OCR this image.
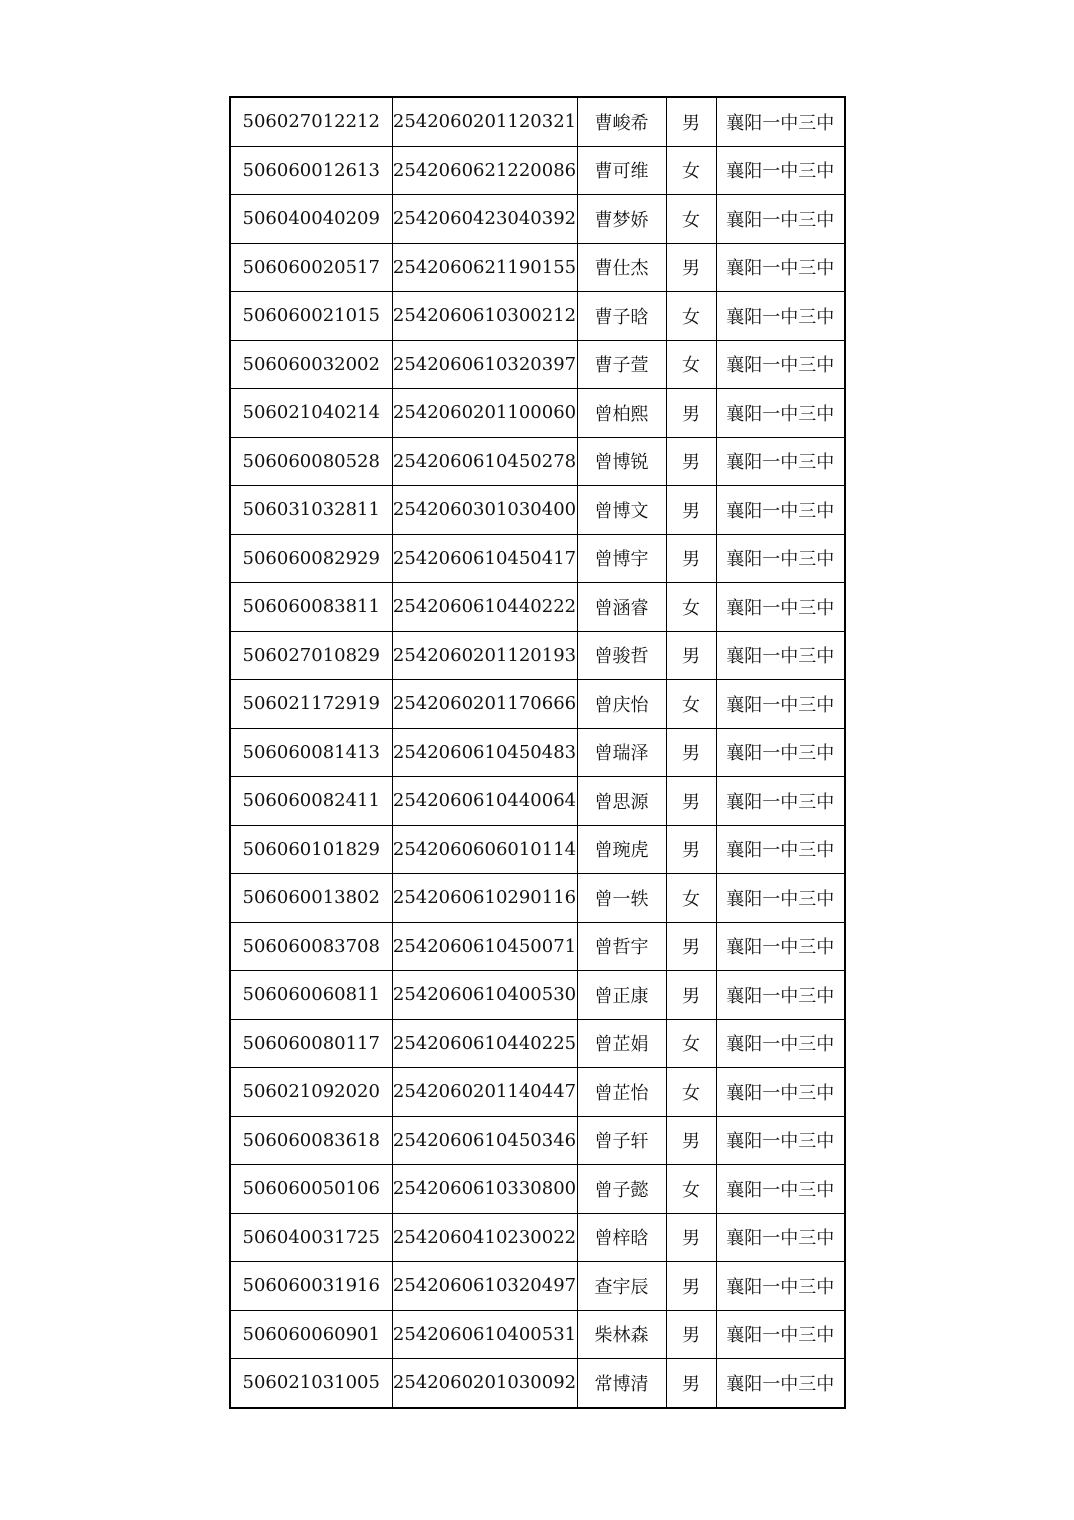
506027012212	2542060201120321	曹峻希	男	襄阳一中三中
506060012613	2542060621220086	曹可维	女	襄阳一中三中
506040040209	2542060423040392	曹梦娇	女	襄阳一中三中
506060020517	2542060621190155	曹仕杰	男	襄阳一中三中
506060021015	2542060610300212	曹子晗	女	襄阳一中三中
506060032002	2542060610320397	曹子萱	女	襄阳一中三中
506021040214	2542060201100060	曾柏熙	男	襄阳一中三中
506060080528	2542060610450278	曾博锐	男	襄阳一中三中
506031032811	2542060301030400	曾博文	男	襄阳一中三中
506060082929	2542060610450417	曾博宇	男	襄阳一中三中
506060083811	2542060610440222	曾涵睿	女	襄阳一中三中
506027010829	2542060201120193	曾骏哲	男	襄阳一中三中
506021172919	2542060201170666	曾庆怡	女	襄阳一中三中
506060081413	2542060610450483	曾瑞泽	男	襄阳一中三中
506060082411	2542060610440064	曾思源	男	襄阳一中三中
506060101829	2542060606010114	曾琬虎	男	襄阳一中三中
506060013802	2542060610290116	曾一轶	女	襄阳一中三中
506060083708	2542060610450071	曾哲宇	男	襄阳一中三中
506060060811	2542060610400530	曾正康	男	襄阳一中三中
506060080117	2542060610440225	曾芷娟	女	襄阳一中三中
506021092020	2542060201140447	曾芷怡	女	襄阳一中三中
506060083618	2542060610450346	曾子轩	男	襄阳一中三中
506060050106	2542060610330800	曾子懿	女	襄阳一中三中
506040031725	2542060410230022	曾梓晗	男	襄阳一中三中
506060031916	2542060610320497	查宇辰	男	襄阳一中三中
506060060901	2542060610400531	柴林森	男	襄阳一中三中
506021031005	2542060201030092	常博清	男	襄阳一中三中
